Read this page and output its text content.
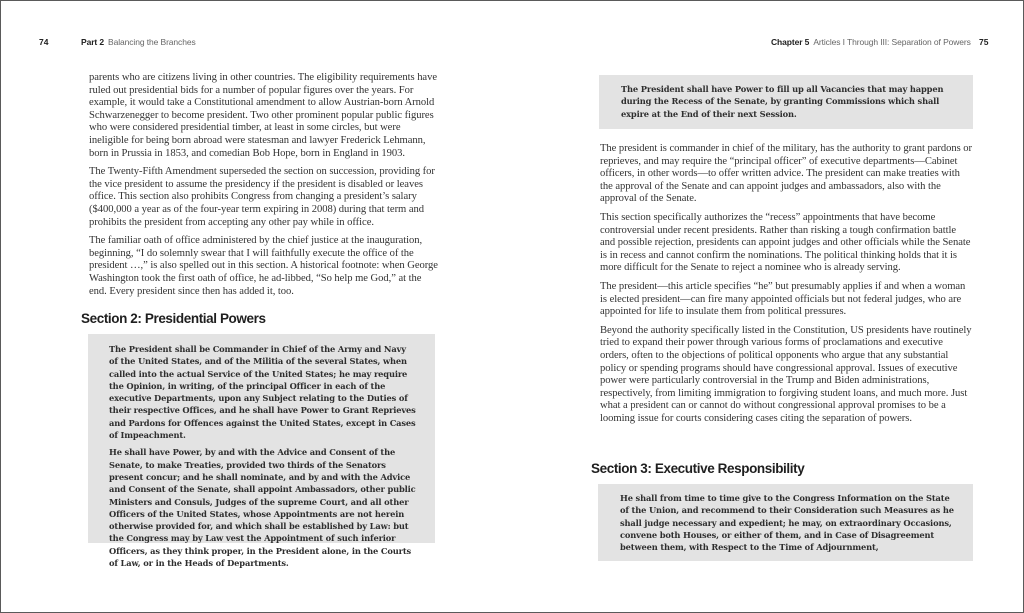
74	Part 2 Balancing the Branches

parents who are citizens living in other countries. The eligibility requirements have ruled out presidential bids for a number of popular figures over the years. For example, it would take a Constitutional amendment to allow Austrian-born Arnold Schwarzenegger to become president. Two other prominent popular public figures who were considered presidential timber, at least in some circles, but were ineligible for being born abroad were statesman and lawyer Frederick Lehmann, born in Prussia in 1853, and comedian Bob Hope, born in England in 1903.

The Twenty-Fifth Amendment superseded the section on succession, providing for the vice president to assume the presidency if the president is disabled or leaves office. This section also prohibits Congress from changing a president’s salary ($400,000 a year as of the four-year term expiring in 2008) during that term and prohibits the president from accepting any other pay while in office.

The familiar oath of office administered by the chief justice at the inauguration, beginning, “I do solemnly swear that I will faithfully execute the office of the president …,” is also spelled out in this section. A historical footnote: when George Washington took the first oath of office, he ad-libbed, “So help me God,” at the end. Every president since then has added it, too.

Section 2: Presidential Powers

The President shall be Commander in Chief of the Army and Navy of the United States, and of the Militia of the several States, when called into the actual Service of the United States; he may require the Opinion, in writing, of the principal Officer in each of the executive Departments, upon any Subject relating to the Duties of their respective Offices, and he shall have Power to Grant Reprieves and Pardons for Offences against the United States, except in Cases of Impeachment.

He shall have Power, by and with the Advice and Consent of the Senate, to make Treaties, provided two thirds of the Senators present concur; and he shall nominate, and by and with the Advice and Consent of the Senate, shall appoint Ambassadors, other public Ministers and Consuls, Judges of the supreme Court, and all other Officers of the United States, whose Appointments are not herein otherwise provided for, and which shall be established by Law: but the Congress may by Law vest the Appointment of such inferior Officers, as they think proper, in the President alone, in the Courts of Law, or in the Heads of Departments.

Chapter 5 Articles I Through III: Separation of Powers 75

The President shall have Power to fill up all Vacancies that may happen during the Recess of the Senate, by granting Commissions which shall expire at the End of their next Session.

The president is commander in chief of the military, has the authority to grant pardons or reprieves, and may require the “principal officer” of executive departments—Cabinet officers, in other words—to offer written advice. The president can make treaties with the approval of the Senate and can appoint judges and ambassadors, also with the approval of the Senate.

This section specifically authorizes the “recess” appointments that have become controversial under recent presidents. Rather than risking a tough confirmation battle and possible rejection, presidents can appoint judges and other officials while the Senate is in recess and cannot confirm the nominations. The political thinking holds that it is more difficult for the Senate to reject a nominee who is already serving.

The president—this article specifies “he” but presumably applies if and when a woman is elected president—can fire many appointed officials but not federal judges, who are appointed for life to insulate them from political pressures.

Beyond the authority specifically listed in the Constitution, US presidents have routinely tried to expand their power through various forms of proclamations and executive orders, often to the objections of political opponents who argue that any substantial policy or spending programs should have congressional approval. Issues of executive power were particularly controversial in the Trump and Biden administrations, respectively, from limiting immigration to forgiving student loans, and much more. Just what a president can or cannot do without congressional approval promises to be a looming issue for courts considering cases citing the separation of powers.

Section 3: Executive Responsibility

He shall from time to time give to the Congress Information on the State of the Union, and recommend to their Consideration such Measures as he shall judge necessary and expedient; he may, on extraordinary Occasions, convene both Houses, or either of them, and in Case of Disagreement between them, with Respect to the Time of Adjournment,
